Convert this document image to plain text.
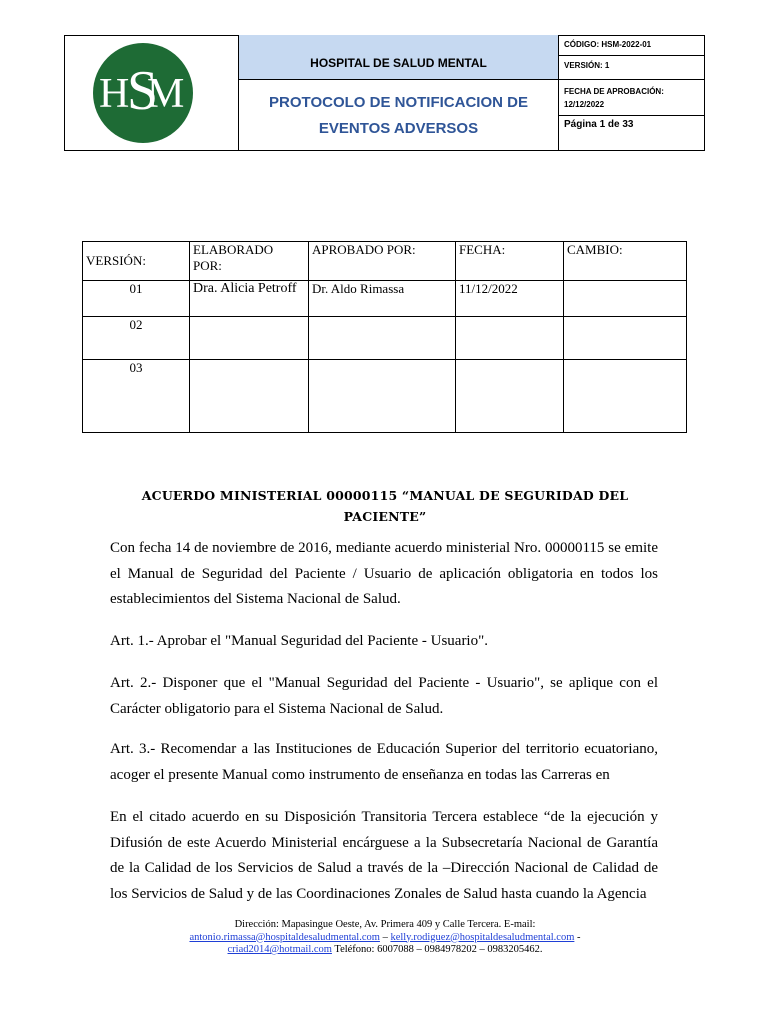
H
S
M
HOSPITAL DE SALUD MENTAL
PROTOCOLO DE NOTIFICACION DE
EVENTOS ADVERSOS
CÓDIGO: HSM-2022-01
VERSIÓN: 1
FECHA DE APROBACIÓN:
12/12/2022
Página 1 de 33
VERSIÓN:	ELABORADO POR:	APROBADO POR:	FECHA:	CAMBIO:
01	Dra. Alicia Petroff	Dr. Aldo Rimassa	11/12/2022	
02				
03				
ACUERDO MINISTERIAL 00000115 “MANUAL DE SEGURIDAD DEL PACIENTE”
Con fecha 14 de noviembre de 2016, mediante acuerdo ministerial Nro. 00000115 se emite el Manual de Seguridad del Paciente / Usuario de aplicación obligatoria en todos los establecimientos del Sistema Nacional de Salud.
Art. 1.- Aprobar el "Manual Seguridad del Paciente - Usuario".
Art. 2.- Disponer que el "Manual Seguridad del Paciente - Usuario", se aplique con el Carácter obligatorio para el Sistema Nacional de Salud.
Art. 3.- Recomendar a las Instituciones de Educación Superior del territorio ecuatoriano, acoger el presente Manual como instrumento de enseñanza en todas las Carreras en
En el citado acuerdo en su Disposición Transitoria Tercera establece “de la ejecución y Difusión de este Acuerdo Ministerial encárguese a la Subsecretaría Nacional de Garantía de la Calidad de los Servicios de Salud a través de la –Dirección Nacional de Calidad de los Servicios de Salud y de las Coordinaciones Zonales de Salud hasta cuando la Agencia
Dirección: Mapasingue Oeste, Av. Primera 409 y Calle Tercera. E-mail:
antonio.rimassa@hospitaldesaludmental.com – kelly.rodiguez@hospitaldesaludmental.com -
criad2014@hotmail.com Teléfono: 6007088 – 0984978202 – 0983205462.
